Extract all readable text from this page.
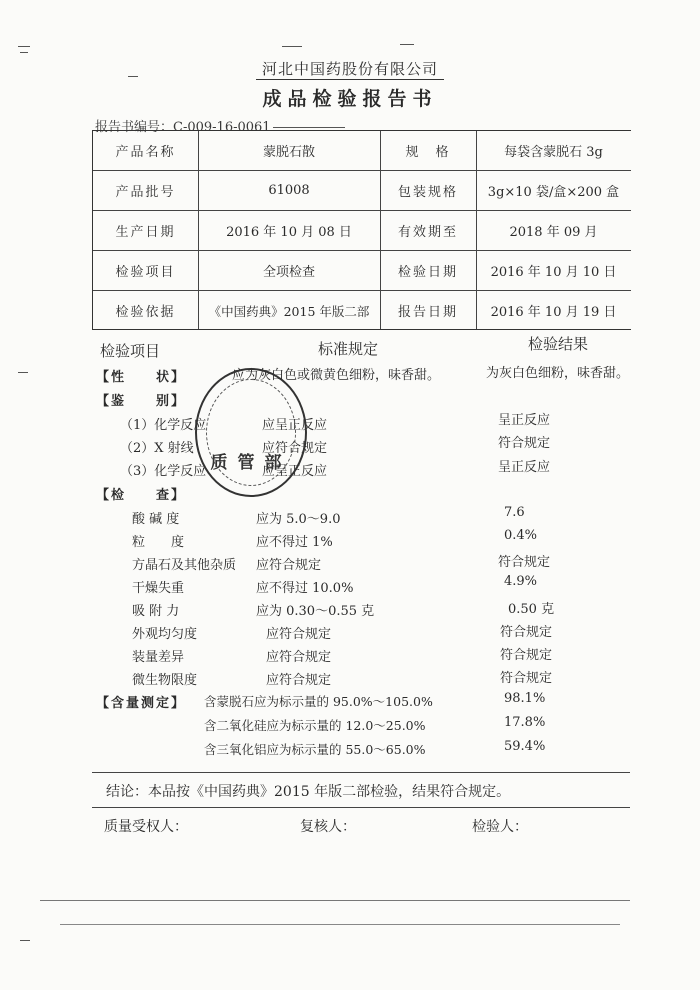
河北中国药股份有限公司
成品检验报告书
报告书编号：C-009-16-0061
产品名称	蒙脱石散	规　格	每袋含蒙脱石 3g
产品批号	61008	包装规格	3g×10 袋/盒×200 盒
生产日期	2016 年 10 月 08 日	有效期至	2018 年 09 月
检验项目	全项检查	检验日期	2016 年 10 月 10 日
检验依据	《中国药典》2015 年版二部	报告日期	2016 年 10 月 19 日
检验项目	标准规定	检验结果
【性　　状】	应为灰白色或微黄色细粉，味香甜。	为灰白色细粉，味香甜。
【鉴　　别】
（1）化学反应	应呈正反应	呈正反应
（2）X 射线	应符合规定	符合规定
（3）化学反应	应呈正反应	呈正反应
质管部
【检　　查】
酸 碱 度	应为 5.0～9.0	7.6
粒　　度	应不得过 1%	0.4%
方晶石及其他杂质 应符合规定	符合规定
干燥失重	应不得过 10.0%	4.9%
吸 附 力	应为 0.30～0.55 克	0.50 克
外观均匀度	应符合规定	符合规定
装量差异	应符合规定	符合规定
微生物限度	应符合规定	符合规定
【含量测定】 含蒙脱石应为标示量的 95.0%～105.0%	98.1%
含二氧化硅应为标示量的 12.0～25.0%	17.8%
含三氧化铝应为标示量的 55.0～65.0%	59.4%
结论：本品按《中国药典》2015 年版二部检验，结果符合规定。
质量受权人：	复核人：	检验人：
